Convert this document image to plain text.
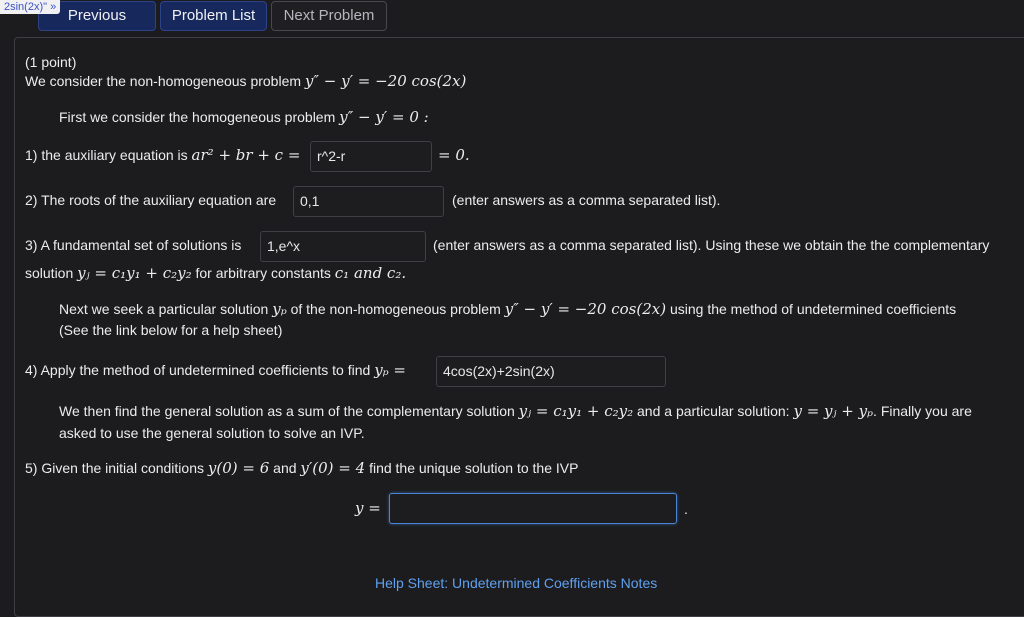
2sin(2x)" » Previous	Problem List	Next Problem
(1 point)
We consider the non-homogeneous problem y″ − y′ = −20 cos(2x)
First we consider the homogeneous problem y″ − y′ = 0 :
1) the auxiliary equation is ar² + br + c =	r^2-r	= 0.
2) The roots of the auxiliary equation are	0,1	(enter answers as a comma separated list).
3) A fundamental set of solutions is	1,e^x	(enter answers as a comma separated list). Using these we obtain the the complementary
solution yⱼ = c₁y₁ + c₂y₂ for arbitrary constants c₁ and c₂.
Next we seek a particular solution yₚ of the non-homogeneous problem y″ − y′ = −20 cos(2x) using the method of undetermined coefficients
(See the link below for a help sheet)
4) Apply the method of undetermined coefficients to find yₚ =	4cos(2x)+2sin(2x)
We then find the general solution as a sum of the complementary solution yⱼ = c₁y₁ + c₂y₂ and a particular solution: y = yⱼ + yₚ. Finally you are
asked to use the general solution to solve an IVP.
5) Given the initial conditions y(0) = 6 and y′(0) = 4 find the unique solution to the IVP
y =	.
Help Sheet: Undetermined Coefficients Notes
